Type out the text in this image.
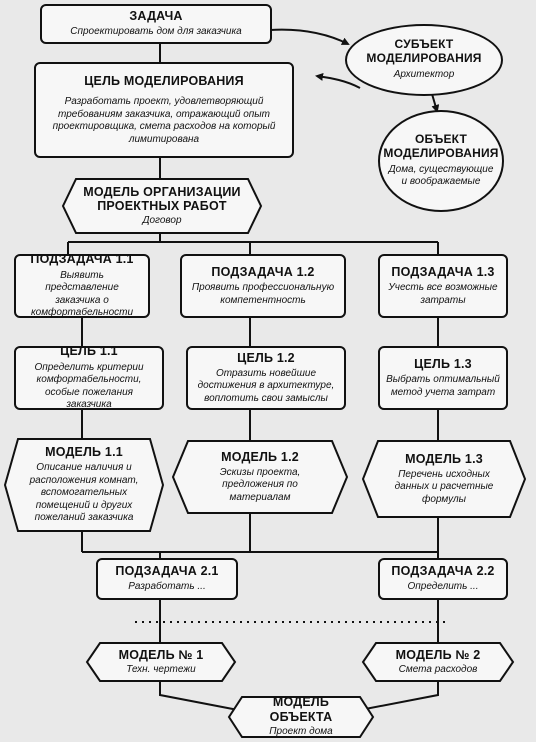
ЗАДАЧА
Спроектировать дом для заказчика
СУБЪЕКТ МОДЕЛИРОВАНИЯ
Архитектор
ЦЕЛЬ МОДЕЛИРОВАНИЯ
Разработать проект, удовлетворяющий требованиям заказчика, отражающий опыт проектировщика, смета расходов на который лимитирована	ОБЪЕКТ МОДЕЛИРОВАНИЯ
Дома, существующие и воображаемые
МОДЕЛЬ ОРГАНИЗАЦИИ ПРОЕКТНЫХ РАБОТ
Договор
ПОДЗАДАЧА 1.1
Выявить представление заказчика о комфортабельности
ПОДЗАДАЧА 1.2
Проявить профессиональную компетентность
ПОДЗАДАЧА 1.3
Учесть все возможные затраты
ЦЕЛЬ 1.1
Определить критерии комфортабельности, особые пожелания заказчика
ЦЕЛЬ 1.2
Отразить новейшие достижения в архитектуре, воплотить свои замыслы
ЦЕЛЬ 1.3
Выбрать оптимальный метод учета затрат
МОДЕЛЬ 1.1
Описание наличия и расположения комнат, вспомогательных помещений и других пожеланий заказчика
МОДЕЛЬ 1.2
Эскизы проекта, предложения по материалам
МОДЕЛЬ 1.3
Перечень исходных данных и расчетные формулы
ПОДЗАДАЧА 2.1
Разработать ...
ПОДЗАДАЧА 2.2
Определить ...
МОДЕЛЬ № 1
Техн. чертежи
МОДЕЛЬ № 2
Смета расходов
МОДЕЛЬ ОБЪЕКТА
Проект дома
